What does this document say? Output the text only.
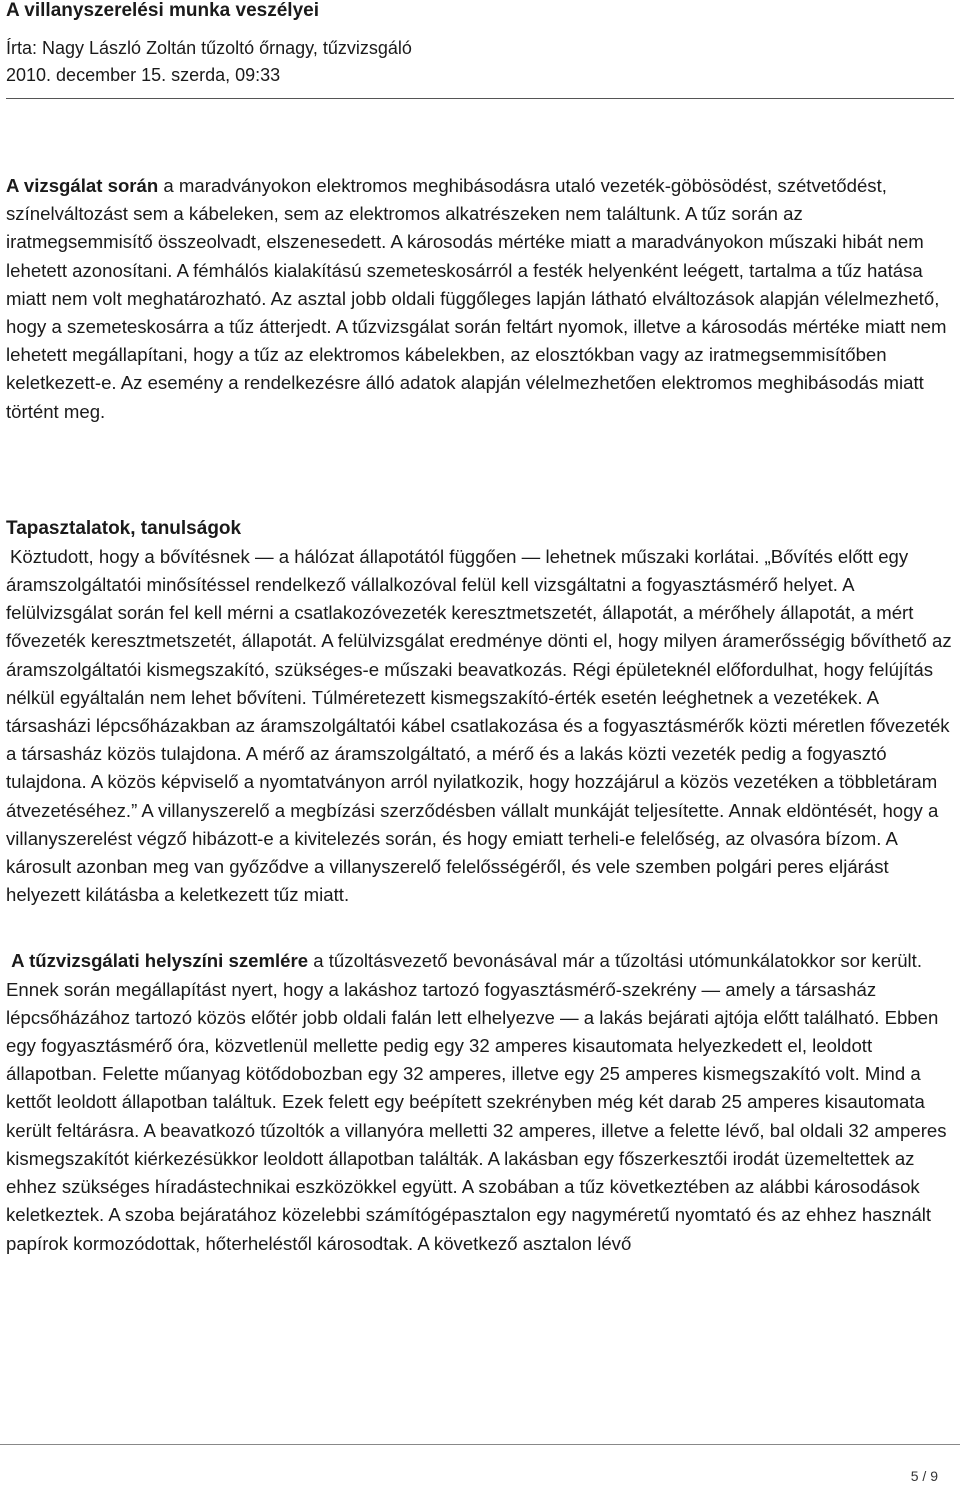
A villanyszerelési munka veszélyei

Írta: Nagy László Zoltán tűzoltó őrnagy, tűzvizsgáló

2010. december 15. szerda, 09:33

A vizsgálat során a maradványokon elektromos meghibásodásra utaló vezeték-göbösödést, szétvetődést, színelváltozást sem a kábeleken, sem az elektromos alkatrészeken nem találtunk. A tűz során az iratmegsemmisítő összeolvadt, elszenesedett. A károsodás mértéke miatt a maradványokon műszaki hibát nem lehetett azonosítani. A fémhálós kialakítású szemeteskosárról a festék helyenként leégett, tartalma a tűz hatása miatt nem volt meghatározható. Az asztal jobb oldali függőleges lapján látható elváltozások alapján vélelmezhető, hogy a szemeteskosárra a tűz átterjedt. A tűzvizsgálat során feltárt nyomok, illetve a károsodás mértéke miatt nem lehetett megállapítani, hogy a tűz az elektromos kábelekben, az elosztókban vagy az iratmegsemmisítőben keletkezett-e. Az esemény a rendelkezésre álló adatok alapján vélelmezhetően elektromos meghibásodás miatt történt meg.

Tapasztalatok, tanulságok

Köztudott, hogy a bővítésnek — a hálózat állapotától függően — lehetnek műszaki korlátai. „Bővítés előtt egy áramszolgáltatói minősítéssel rendelkező vállalkozóval felül kell vizsgáltatni a fogyasztásmérő helyet. A felülvizsgálat során fel kell mérni a csatlakozóvezeték keresztmetszetét, állapotát, a mérőhely állapotát, a mért fővezeték keresztmetszetét, állapotát. A felülvizsgálat eredménye dönti el, hogy milyen áramerősségig bővíthető az áramszolgáltatói kismegszakító, szükséges-e műszaki beavatkozás. Régi épületeknél előfordulhat, hogy felújítás nélkül egyáltalán nem lehet bővíteni. Túlméretezett kismegszakító-érték esetén leéghetnek a vezetékek. A társasházi lépcsőházakban az áramszolgáltatói kábel csatlakozása és a fogyasztásmérők közti méretlen fővezeték a társasház közös tulajdona. A mérő az áramszolgáltató, a mérő és a lakás közti vezeték pedig a fogyasztó tulajdona. A közös képviselő a nyomtatványon arról nyilatkozik, hogy hozzájárul a közös vezetéken a többletáram átvezetéséhez.” A villanyszerelő a megbízási szerződésben vállalt munkáját teljesítette. Annak eldöntését, hogy a villanyszerelést végző hibázott-e a kivitelezés során, és hogy emiatt terheli-e felelőség, az olvasóra bízom. A károsult azonban meg van győződve a villanyszerelő felelősségéről, és vele szemben polgári peres eljárást helyezett kilátásba a keletkezett tűz miatt.

A tűzvizsgálati helyszíni szemlére a tűzoltásvezető bevonásával már a tűzoltási utómunkálatokkor sor került. Ennek során megállapítást nyert, hogy a lakáshoz tartozó fogyasztásmérő-szekrény — amely a társasház lépcsőházához tartozó közös előtér jobb oldali falán lett elhelyezve — a lakás bejárati ajtója előtt található. Ebben egy fogyasztásmérő óra, közvetlenül mellette pedig egy 32 amperes kisautomata helyezkedett el, leoldott állapotban. Felette műanyag kötődobozban egy 32 amperes, illetve egy 25 amperes kismegszakító volt. Mind a kettőt leoldott állapotban találtuk. Ezek felett egy beépített szekrényben még két darab 25 amperes kisautomata került feltárásra. A beavatkozó tűzoltók a villanyóra melletti 32 amperes, illetve a felette lévő, bal oldali 32 amperes kismegszakítót kiérkezésükkor leoldott állapotban találták. A lakásban egy főszerkesztői irodát üzemeltettek az ehhez szükséges híradástechnikai eszközökkel együtt. A szobában a tűz következtében az alábbi károsodások keletkeztek. A szoba bejáratához közelebbi számítógépasztalon egy nagyméretű nyomtató és az ehhez használt papírok kormozódottak, hőterheléstől károsodtak. A következő asztalon lévő

5 / 9
